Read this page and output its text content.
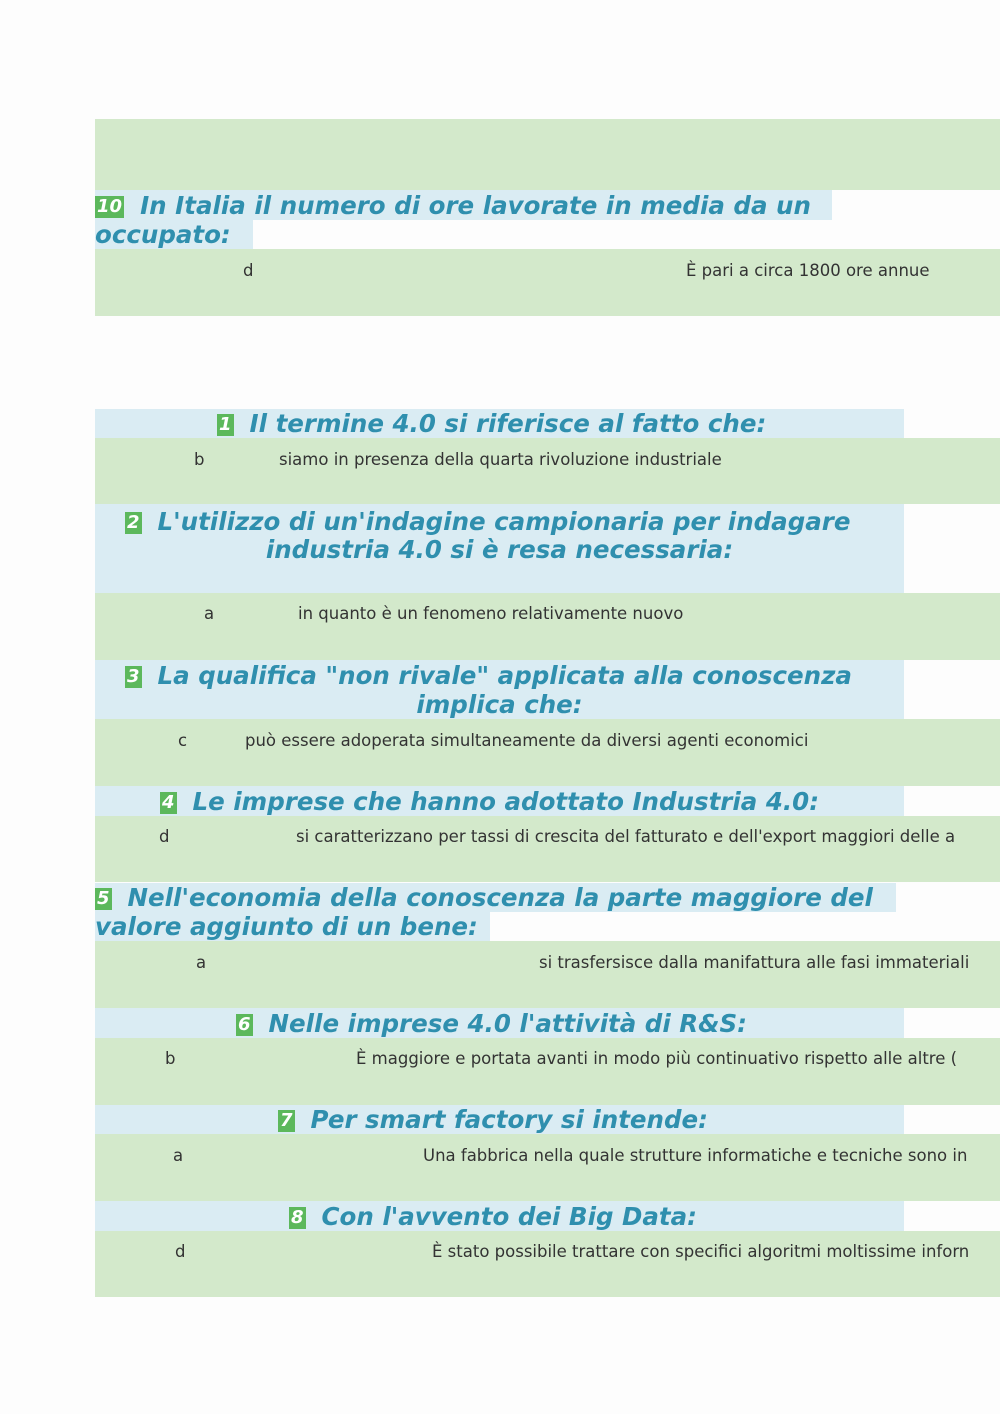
10 In Italia il numero di ore lavorate in media da un
occupato:
d	È pari a circa 1800 ore annue
1 Il termine 4.0 si riferisce al fatto che:
b	siamo in presenza della quarta rivoluzione industriale
2 L'utilizzo di un'indagine campionaria per indagare
industria 4.0 si è resa necessaria:
a	in quanto è un fenomeno relativamente nuovo
3 La qualifica "non rivale" applicata alla conoscenza
implica che:
c	può essere adoperata simultaneamente da diversi agenti economici
4 Le imprese che hanno adottato Industria 4.0:
d	si caratterizzano per tassi di crescita del fatturato e dell'export maggiori delle a
5 Nell'economia della conoscenza la parte maggiore del
valore aggiunto di un bene:
a	si trasfersisce dalla manifattura alle fasi immateriali
6 Nelle imprese 4.0 l'attività di R&S:
b	È maggiore e portata avanti in modo più continuativo rispetto alle altre (
7 Per smart factory si intende:
a	Una fabbrica nella quale strutture informatiche e tecniche sono in
8 Con l'avvento dei Big Data:
d	È stato possibile trattare con specifici algoritmi moltissime inforn
